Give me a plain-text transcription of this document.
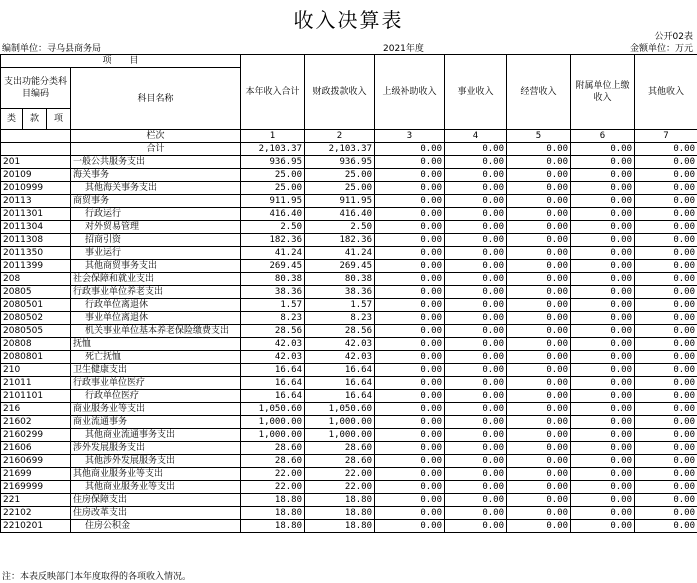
收入决算表
公开02表
编制单位：寻乌县商务局	2021年度	金额单位：万元
项　　目				本年收入合计	财政拨款收入	上级补助收入	事业收入	经营收入	附属单位上缴收入	其他收入
支出功能分类科目编码			科目名称							
类	款	项								
			栏次	1	2	3	4	5	6	7
			合计	2,103.37	2,103.37	0.00	0.00	0.00	0.00	0.00
201			一般公共服务支出	936.95	936.95	0.00	0.00	0.00	0.00	0.00
20109			海关事务	25.00	25.00	0.00	0.00	0.00	0.00	0.00
2010999			其他海关事务支出	25.00	25.00	0.00	0.00	0.00	0.00	0.00
20113			商贸事务	911.95	911.95	0.00	0.00	0.00	0.00	0.00
2011301			行政运行	416.40	416.40	0.00	0.00	0.00	0.00	0.00
2011304			对外贸易管理	2.50	2.50	0.00	0.00	0.00	0.00	0.00
2011308			招商引资	182.36	182.36	0.00	0.00	0.00	0.00	0.00
2011350			事业运行	41.24	41.24	0.00	0.00	0.00	0.00	0.00
2011399			其他商贸事务支出	269.45	269.45	0.00	0.00	0.00	0.00	0.00
208			社会保障和就业支出	80.38	80.38	0.00	0.00	0.00	0.00	0.00
20805			行政事业单位养老支出	38.36	38.36	0.00	0.00	0.00	0.00	0.00
2080501			行政单位离退休	1.57	1.57	0.00	0.00	0.00	0.00	0.00
2080502			事业单位离退休	8.23	8.23	0.00	0.00	0.00	0.00	0.00
2080505			机关事业单位基本养老保险缴费支出	28.56	28.56	0.00	0.00	0.00	0.00	0.00
20808			抚恤	42.03	42.03	0.00	0.00	0.00	0.00	0.00
2080801			死亡抚恤	42.03	42.03	0.00	0.00	0.00	0.00	0.00
210			卫生健康支出	16.64	16.64	0.00	0.00	0.00	0.00	0.00
21011			行政事业单位医疗	16.64	16.64	0.00	0.00	0.00	0.00	0.00
2101101			行政单位医疗	16.64	16.64	0.00	0.00	0.00	0.00	0.00
216			商业服务业等支出	1,050.60	1,050.60	0.00	0.00	0.00	0.00	0.00
21602			商业流通事务	1,000.00	1,000.00	0.00	0.00	0.00	0.00	0.00
2160299			其他商业流通事务支出	1,000.00	1,000.00	0.00	0.00	0.00	0.00	0.00
21606			涉外发展服务支出	28.60	28.60	0.00	0.00	0.00	0.00	0.00
2160699			其他涉外发展服务支出	28.60	28.60	0.00	0.00	0.00	0.00	0.00
21699			其他商业服务业等支出	22.00	22.00	0.00	0.00	0.00	0.00	0.00
2169999			其他商业服务业等支出	22.00	22.00	0.00	0.00	0.00	0.00	0.00
221			住房保障支出	18.80	18.80	0.00	0.00	0.00	0.00	0.00
22102			住房改革支出	18.80	18.80	0.00	0.00	0.00	0.00	0.00
2210201			住房公积金	18.80	18.80	0.00	0.00	0.00	0.00	0.00
注：本表反映部门本年度取得的各项收入情况。
